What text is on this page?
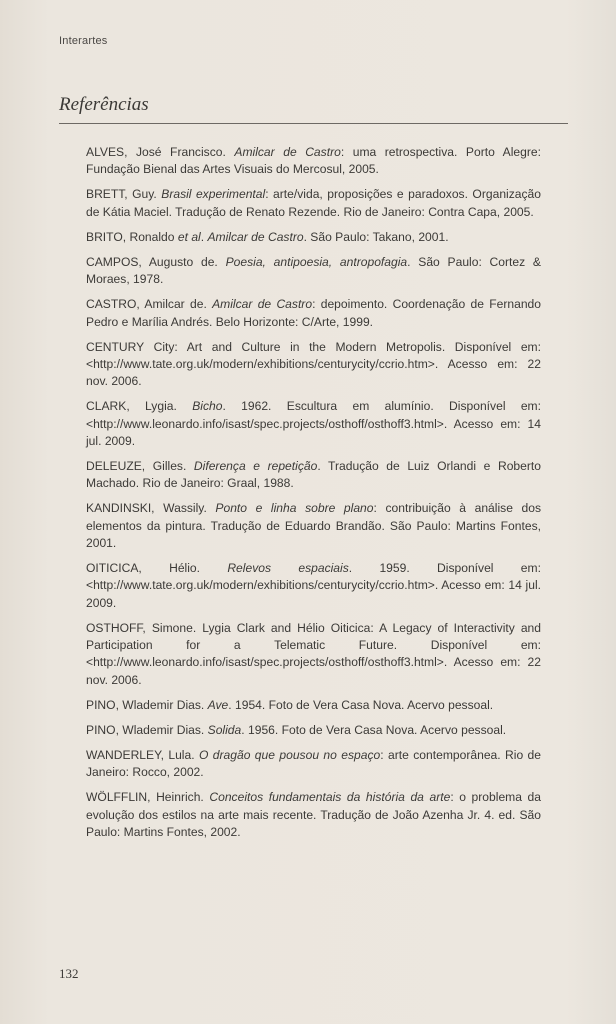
Interartes
Referências
ALVES, José Francisco. Amilcar de Castro: uma retrospectiva. Porto Alegre: Fundação Bienal das Artes Visuais do Mercosul, 2005.
BRETT, Guy. Brasil experimental: arte/vida, proposições e paradoxos. Organização de Kátia Maciel. Tradução de Renato Rezende. Rio de Janeiro: Contra Capa, 2005.
BRITO, Ronaldo et al. Amilcar de Castro. São Paulo: Takano, 2001.
CAMPOS, Augusto de. Poesia, antipoesia, antropofagia. São Paulo: Cortez & Moraes, 1978.
CASTRO, Amilcar de. Amilcar de Castro: depoimento. Coordenação de Fernando Pedro e Marília Andrés. Belo Horizonte: C/Arte, 1999.
CENTURY City: Art and Culture in the Modern Metropolis. Disponível em: <http://www.tate.org.uk/modern/exhibitions/centurycity/ccrio.htm>. Acesso em: 22 nov. 2006.
CLARK, Lygia. Bicho. 1962. Escultura em alumínio. Disponível em: <http://www.leonardo.info/isast/spec.projects/osthoff/osthoff3.html>. Acesso em: 14 jul. 2009.
DELEUZE, Gilles. Diferença e repetição. Tradução de Luiz Orlandi e Roberto Machado. Rio de Janeiro: Graal, 1988.
KANDINSKI, Wassily. Ponto e linha sobre plano: contribuição à análise dos elementos da pintura. Tradução de Eduardo Brandão. São Paulo: Martins Fontes, 2001.
OITICICA, Hélio. Relevos espaciais. 1959. Disponível em: <http://www.tate.org.uk/modern/exhibitions/centurycity/ccrio.htm>. Acesso em: 14 jul. 2009.
OSTHOFF, Simone. Lygia Clark and Hélio Oiticica: A Legacy of Interactivity and Participation for a Telematic Future. Disponível em: <http://www.leonardo.info/isast/spec.projects/osthoff/osthoff3.html>. Acesso em: 22 nov. 2006.
PINO, Wlademir Dias. Ave. 1954. Foto de Vera Casa Nova. Acervo pessoal.
PINO, Wlademir Dias. Solida. 1956. Foto de Vera Casa Nova. Acervo pessoal.
WANDERLEY, Lula. O dragão que pousou no espaço: arte contemporânea. Rio de Janeiro: Rocco, 2002.
WÖLFFLIN, Heinrich. Conceitos fundamentais da história da arte: o problema da evolução dos estilos na arte mais recente. Tradução de João Azenha Jr. 4. ed. São Paulo: Martins Fontes, 2002.
132
